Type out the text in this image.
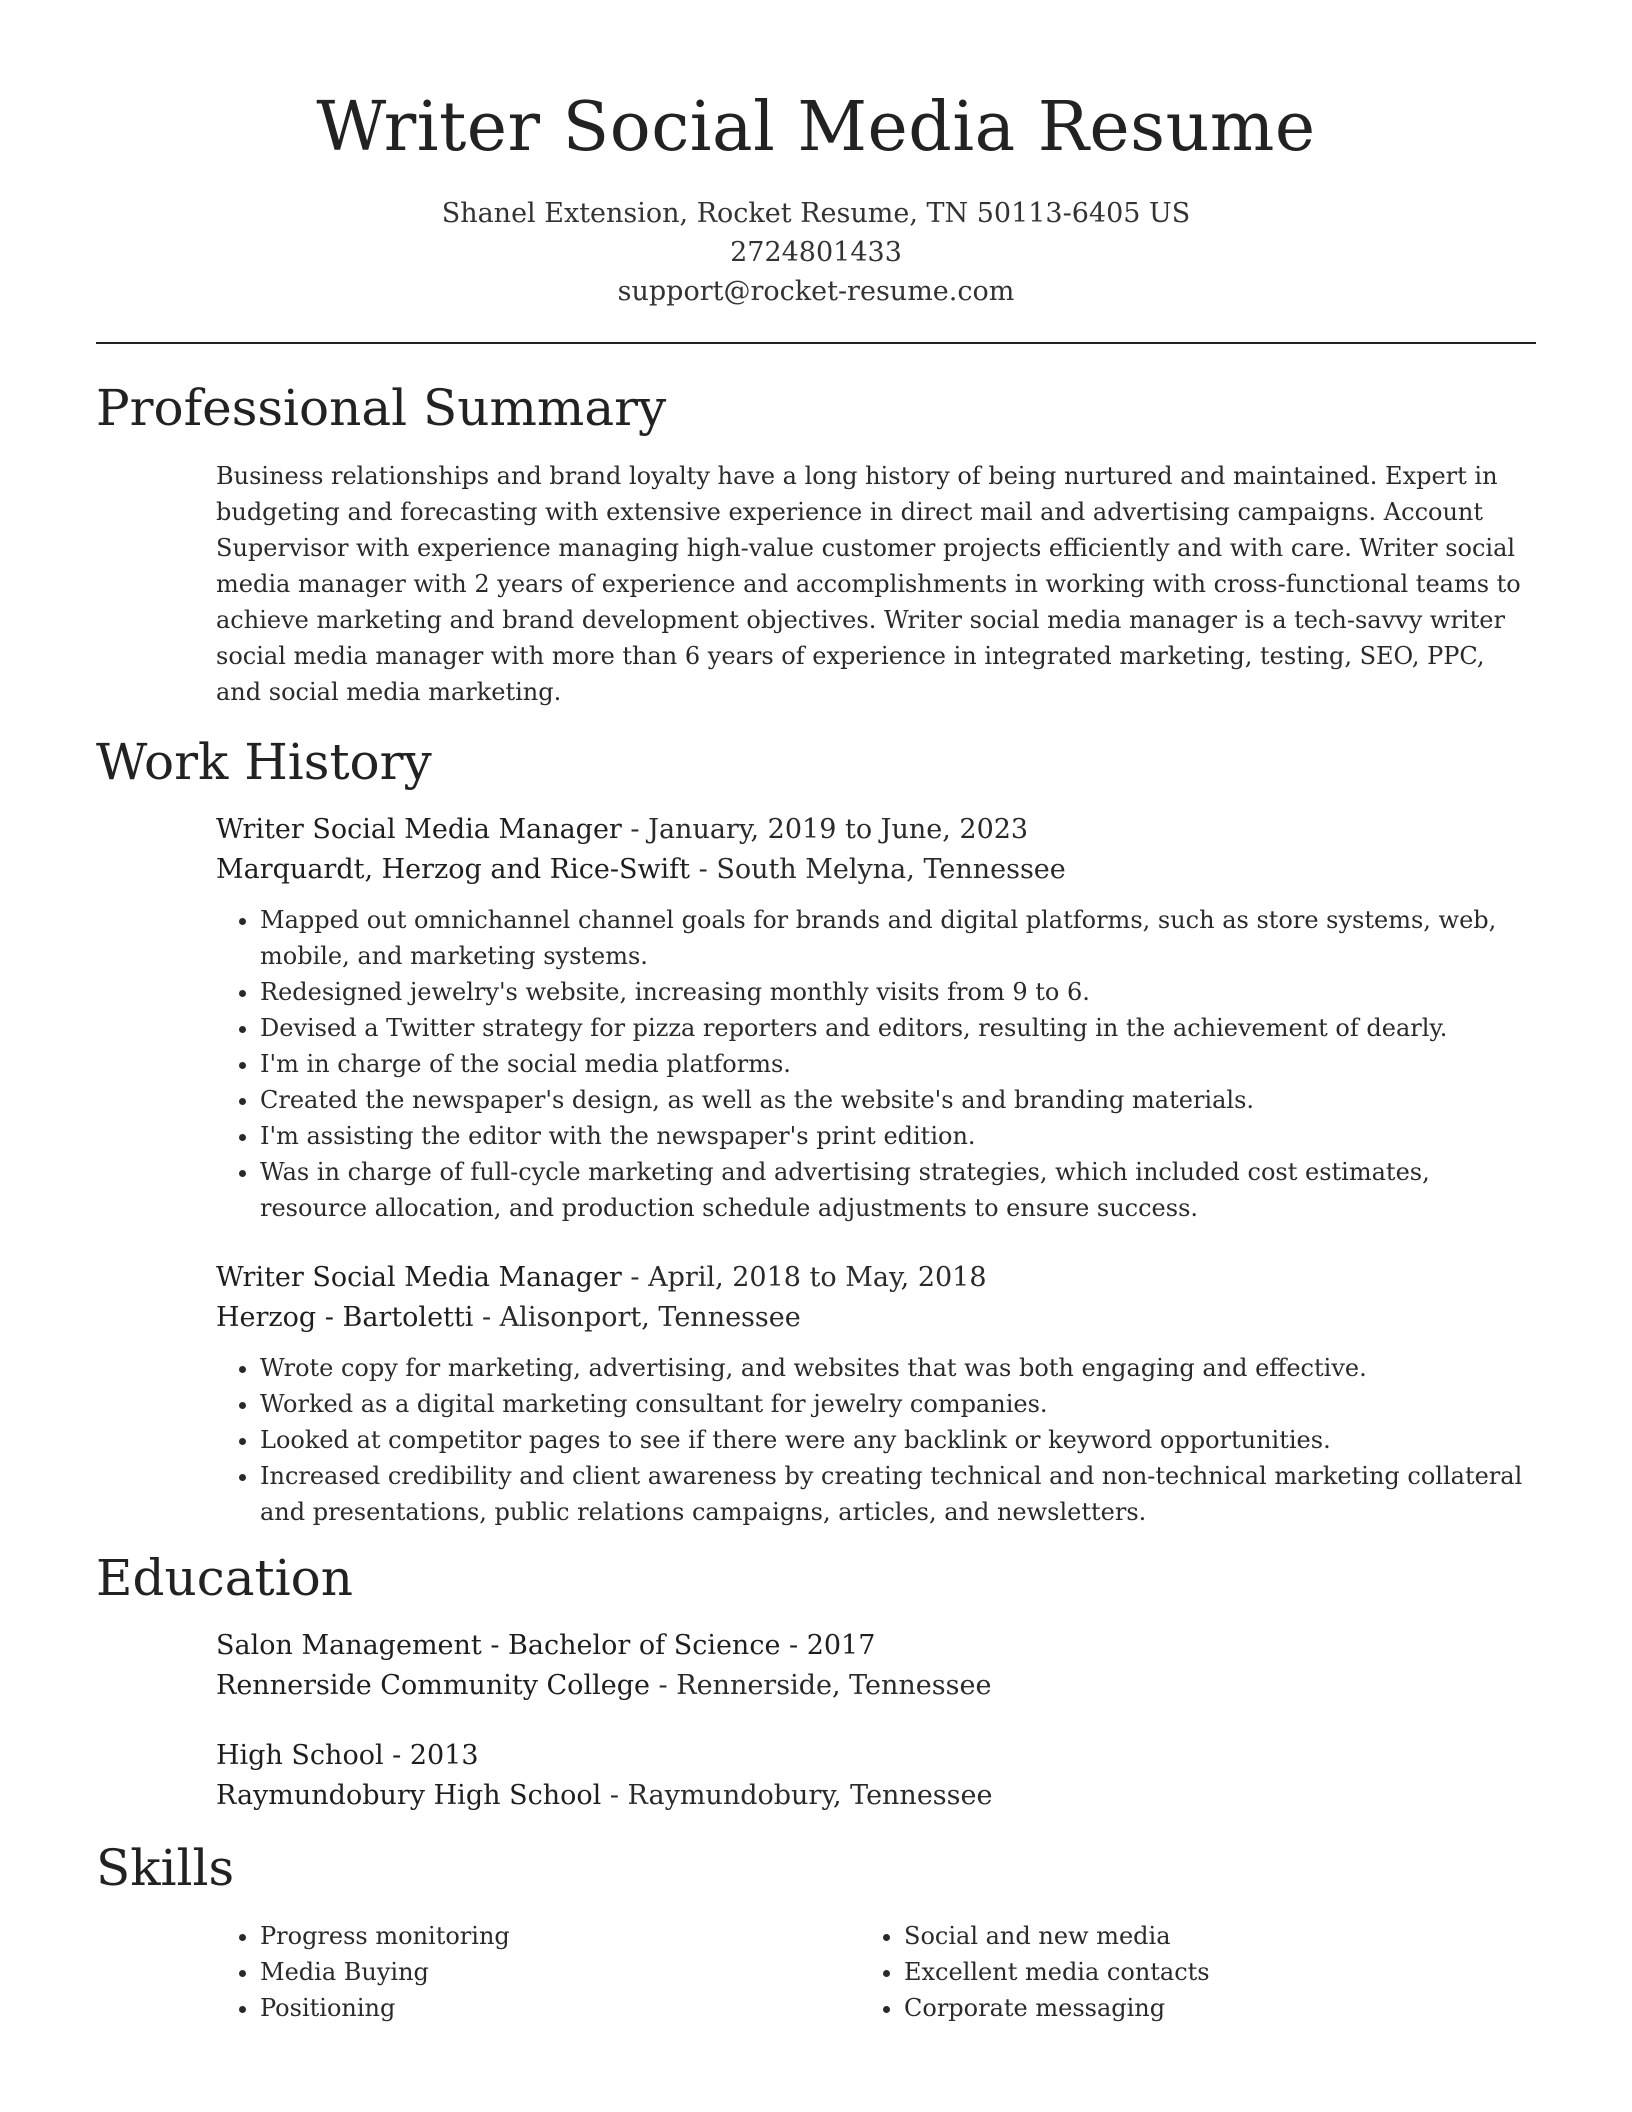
Writer Social Media Resume
Shanel Extension, Rocket Resume, TN 50113-6405 US
2724801433
support@rocket-resume.com
Professional Summary

Business relationships and brand loyalty have a long history of being nurtured and maintained. Expert in budgeting and forecasting with extensive experience in direct mail and advertising campaigns. Account Supervisor with experience managing high-value customer projects efficiently and with care. Writer social media manager with 2 years of experience and accomplishments in working with cross-functional teams to achieve marketing and brand development objectives. Writer social media manager is a tech-savvy writer social media manager with more than 6 years of experience in integrated marketing, testing, SEO, PPC, and social media marketing.

Work History
Writer Social Media Manager - January, 2019 to June, 2023
Marquardt, Herzog and Rice-Swift - South Melyna, Tennessee
• Mapped out omnichannel channel goals for brands and digital platforms, such as store systems, web, mobile, and marketing systems.
• Redesigned jewelry's website, increasing monthly visits from 9 to 6.
• Devised a Twitter strategy for pizza reporters and editors, resulting in the achievement of dearly.
• I'm in charge of the social media platforms.
• Created the newspaper's design, as well as the website's and branding materials.
• I'm assisting the editor with the newspaper's print edition.
• Was in charge of full-cycle marketing and advertising strategies, which included cost estimates, resource allocation, and production schedule adjustments to ensure success.
Writer Social Media Manager - April, 2018 to May, 2018
Herzog - Bartoletti - Alisonport, Tennessee
• Wrote copy for marketing, advertising, and websites that was both engaging and effective.
• Worked as a digital marketing consultant for jewelry companies.
• Looked at competitor pages to see if there were any backlink or keyword opportunities.
• Increased credibility and client awareness by creating technical and non-technical marketing collateral and presentations, public relations campaigns, articles, and newsletters.
Education
Salon Management - Bachelor of Science - 2017
Rennerside Community College - Rennerside, Tennessee
High School - 2013
Raymundobury High School - Raymundobury, Tennessee
Skills
• Progress monitoring
• Media Buying
• Positioning
• Social and new media
• Excellent media contacts
• Corporate messaging
